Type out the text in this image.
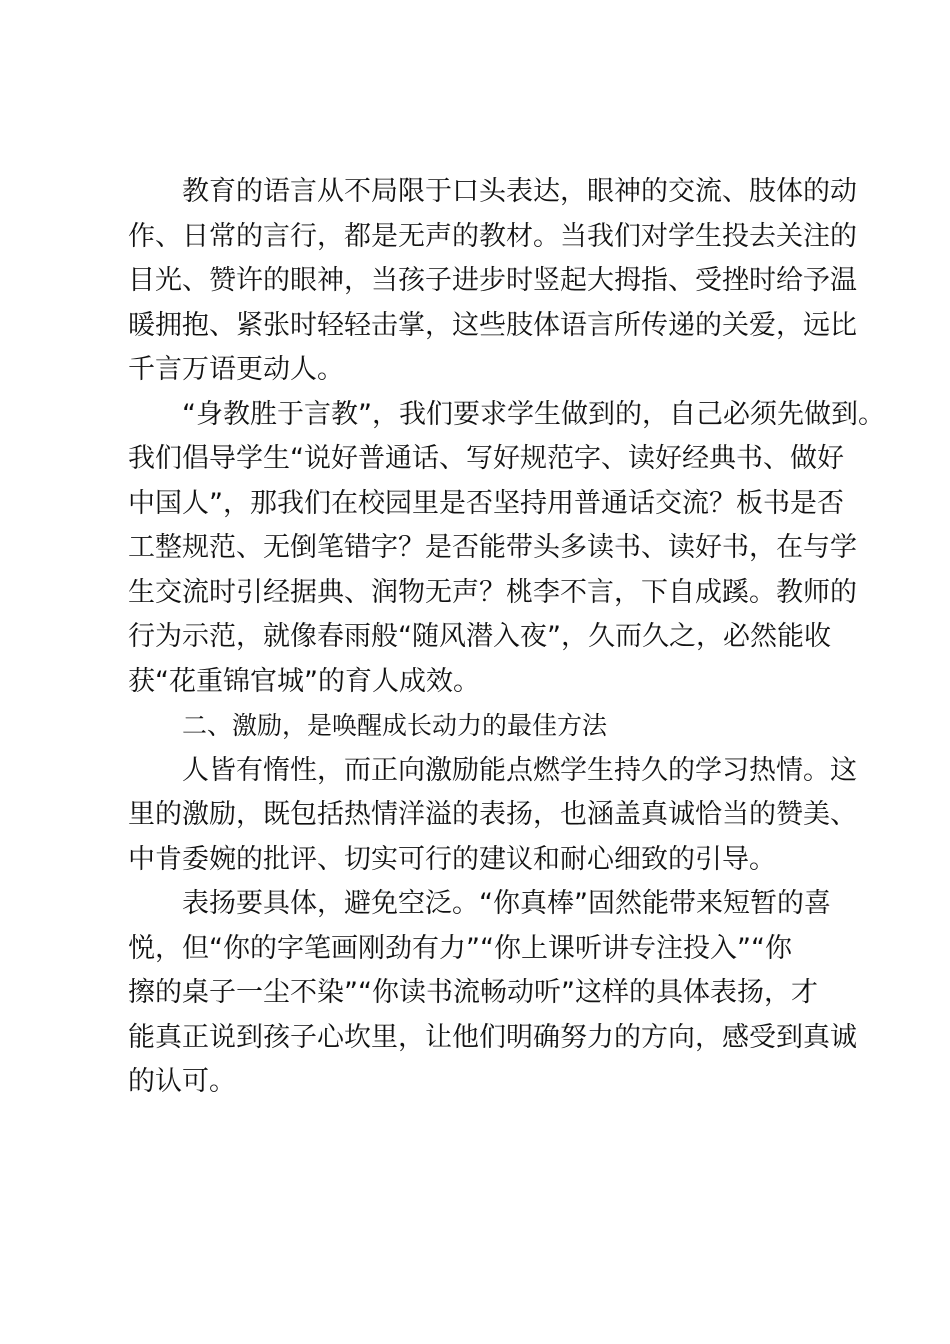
教育的语言从不局限于口头表达，眼神的交流、肢体的动
作、日常的言行，都是无声的教材。当我们对学生投去关注的
目光、赞许的眼神，当孩子进步时竖起大拇指、受挫时给予温
暖拥抱、紧张时轻轻击掌，这些肢体语言所传递的关爱，远比
千言万语更动人。
“身教胜于言教”，我们要求学生做到的，自己必须先做到。
我们倡导学生“说好普通话、写好规范字、读好经典书、做好
中国人”，那我们在校园里是否坚持用普通话交流？板书是否
工整规范、无倒笔错字？是否能带头多读书、读好书，在与学
生交流时引经据典、润物无声？桃李不言，下自成蹊。教师的
行为示范，就像春雨般“随风潜入夜”，久而久之，必然能收
获“花重锦官城”的育人成效。
二、激励，是唤醒成长动力的最佳方法
人皆有惰性，而正向激励能点燃学生持久的学习热情。这
里的激励，既包括热情洋溢的表扬，也涵盖真诚恰当的赞美、
中肯委婉的批评、切实可行的建议和耐心细致的引导。
表扬要具体，避免空泛。“你真棒”固然能带来短暂的喜
悦，但“你的字笔画刚劲有力”“你上课听讲专注投入”“你
擦的桌子一尘不染”“你读书流畅动听”这样的具体表扬，才
能真正说到孩子心坎里，让他们明确努力的方向，感受到真诚
的认可。
